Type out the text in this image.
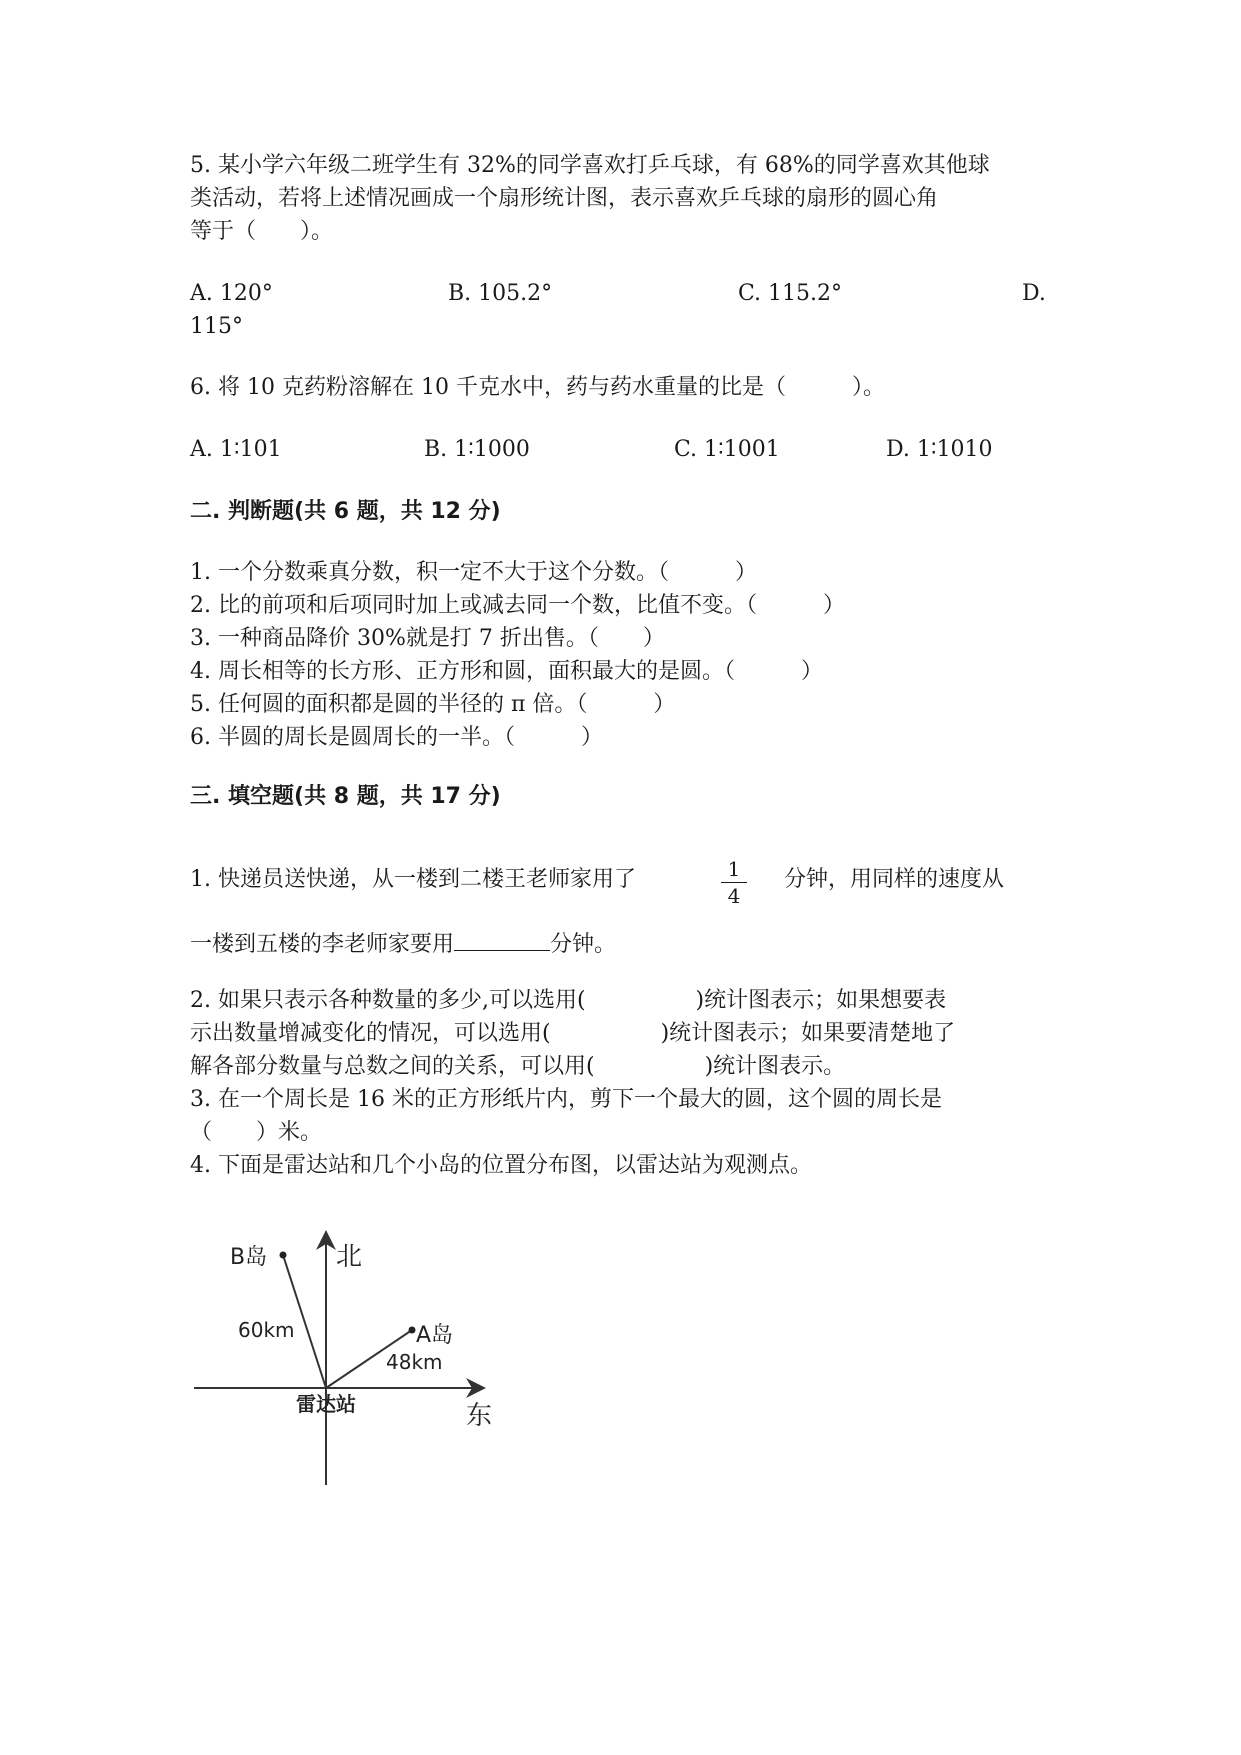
5. 某小学六年级二班学生有 32%的同学喜欢打乒乓球，有 68%的同学喜欢其他球
类活动，若将上述情况画成一个扇形统计图，表示喜欢乒乓球的扇形的圆心角
等于（　　）。
A. 120°	B. 105.2°	C. 115.2°	D.
115°
6. 将 10 克药粉溶解在 10 千克水中，药与药水重量的比是（　　　）。
A. 1∶101	B. 1∶1000	C. 1∶1001	D. 1∶1010
二. 判断题(共 6 题，共 12 分)
1. 一个分数乘真分数，积一定不大于这个分数。（　　　）
2. 比的前项和后项同时加上或减去同一个数，比值不变。（　　　）
3. 一种商品降价 30%就是打 7 折出售。（　　）
4. 周长相等的长方形、正方形和圆，面积最大的是圆。（　　　）
5. 任何圆的面积都是圆的半径的 π 倍。（　　　）
6. 半圆的周长是圆周长的一半。（　　　）
三. 填空题(共 8 题，共 17 分)
1. 快递员送快递，从一楼到二楼王老师家用了	1
4
分钟，用同样的速度从
一楼到五楼的李老师家要用	分钟。
2. 如果只表示各种数量的多少,可以选用(　　　　　)统计图表示；如果想要表
示出数量增减变化的情况，可以选用(　　　　　)统计图表示；如果要清楚地了
解各部分数量与总数之间的关系，可以用(　　　　　)统计图表示。
3. 在一个周长是 16 米的正方形纸片内，剪下一个最大的圆，这个圆的周长是
（　　）米。
4. 下面是雷达站和几个小岛的位置分布图，以雷达站为观测点。
北
东
雷达站
B岛
60km	A岛
48km
